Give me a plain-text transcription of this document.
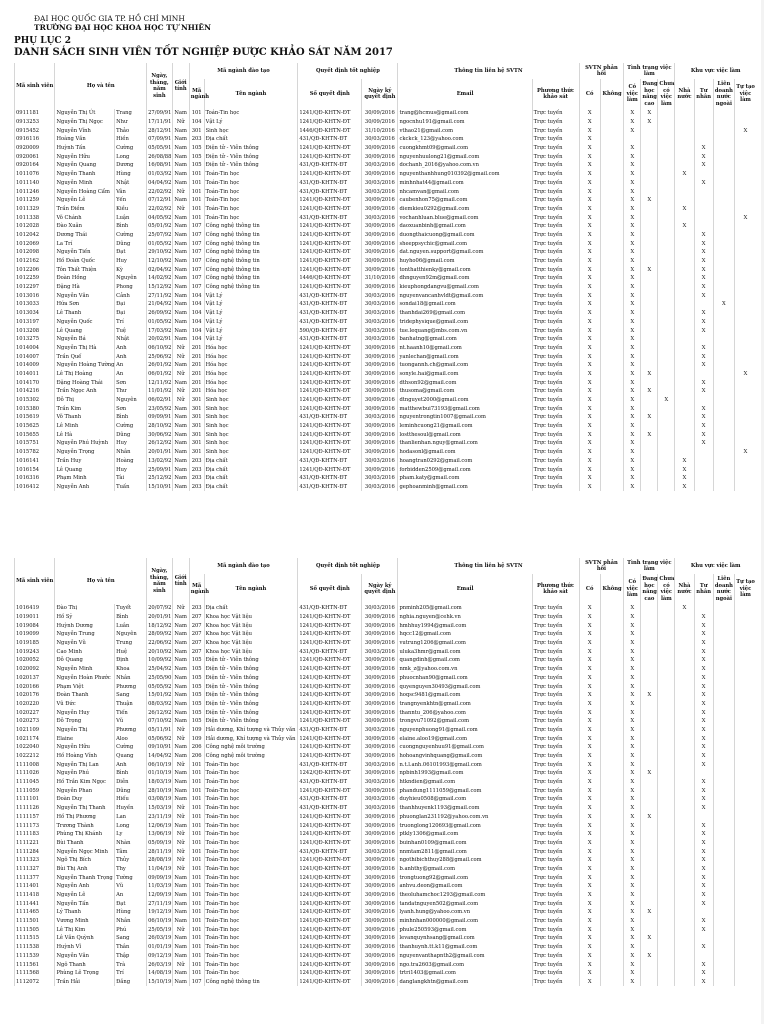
ĐẠI HỌC QUỐC GIA TP. HỒ CHÍ MINH
TRƯỜNG ĐẠI HỌC KHOA HỌC TỰ NHIÊN
PHỤ LỤC 2
DANH SÁCH SINH VIÊN TỐT NGHIỆP ĐƯỢC KHẢO SÁT NĂM 2017
Mã sinh viên	Họ và tên		Ngày, tháng, năm sinh	Giới tính	Mã ngành đào tạo		Quyết định tốt nghiệp		Thông tin liên hệ SVTN		SVTN phản hồi		Tình trạng việc làm			Khu vực việc làm			
					Mã ngành	Tên ngành	Số quyết định	Ngày ký quyết định	Email	Phương thức khảo sát	Có	Không	Có việc làm	Đang học nâng cao	Chưa có việc làm	Nhà nước	Tư nhân	Liên doanh nước ngoài	Tự tạo việc làm
0911181	Nguyễn Thị Út	Trang	27/09/91	Nam	101	Toán-Tin học	1241/QĐ-KHTN-ĐT	30/09/2016	trang@hcmus@gmail.com	Trực tuyến	X		X	X					
0913253	Nguyễn Thị Ngọc	Như	17/11/91	Nữ	104	Vật Lý	1241/QĐ-KHTN-ĐT	30/09/2016	ngocnhu191@gmail.com	Trực tuyến	X		X	X					
0915452	Nguyễn Vĩnh	Thảo	28/12/91	Nam	301	Sinh học	1446/QĐ-KHTN-ĐT	31/10/2016	vthao21@gmail.com	Trực tuyến	X		X						X
0916116	Hoàng Văn	Hiền	07/09/91	Nam	203	Địa chất	431/QĐ-KHTN-ĐT	30/03/2016	ckckck_123@yahoo.com	Trực tuyến	X								
0920009	Huỳnh Tấn	Cường	05/05/91	Nam	105	Điện tử - Viễn thông	1241/QĐ-KHTN-ĐT	30/09/2016	cuongkhmt09@gmail.com	Trực tuyến	X		X				X		
0920061	Nguyễn Hữu	Long	26/08/88	Nam	105	Điện tử - Viễn thông	1241/QĐ-KHTN-ĐT	30/09/2016	nguyenhuulong21@gmail.com	Trực tuyến	X		X				X		
0920164	Nguyễn Quang	Dương	16/08/91	Nam	105	Điện tử - Viễn thông	431/QĐ-KHTN-ĐT	30/03/2016	dochanh_2016@yahoo.com.vn	Trực tuyến	X		X				X		
1011076	Nguyễn Thanh	Hùng	01/03/92	Nam	101	Toán-Tin học	1241/QĐ-KHTN-ĐT	30/09/2016	nguyenthanhhung010392@gmail.com	Trực tuyến	X		X			X			
1011140	Nguyễn Minh	Nhật	04/04/92	Nam	101	Toán-Tin học	431/QĐ-KHTN-ĐT	30/03/2016	minhnhat44@gmail.com	Trực tuyến	X		X				X		
1011246	Nguyễn Hoàng Cẩm	Vân	22/02/92	Nữ	101	Toán-Tin học	431/QĐ-KHTN-ĐT	30/03/2016	nhcamvan@gmail.com	Trực tuyến	X		X						
1011259	Nguyễn Lê	Yến	07/12/91	Nam	101	Toán-Tin học	1241/QĐ-KHTN-ĐT	30/09/2016	caubenhon75@gmail.com	Trực tuyến	X		X	X					
1011329	Trần Điềm	Kiều	22/02/92	Nữ	101	Toán-Tin học	1241/QĐ-KHTN-ĐT	30/09/2016	diemkieu0292@gmail.com	Trực tuyến	X		X			X			
1011338	Võ Chánh	Luận	04/05/92	Nam	101	Toán-Tin học	431/QĐ-KHTN-ĐT	30/03/2016	vochanhluan.blue@gmail.com	Trực tuyến	X		X						X
1012028	Đào Xuân	Bình	05/01/92	Nam	107	Công nghệ thông tin	1241/QĐ-KHTN-ĐT	30/09/2016	daoxuanbinh@gmail.com	Trực tuyến	X		X			X			
1012042	Dương Thái	Cường	25/07/92	Nam	107	Công nghệ thông tin	1241/QĐ-KHTN-ĐT	30/09/2016	duongthaicuong@gmail.com	Trực tuyến	X		X				X		
1012069	La Trí	Dũng	01/05/92	Nam	107	Công nghệ thông tin	1241/QĐ-KHTN-ĐT	30/09/2016	sheeppsychic@gmail.com	Trực tuyến	X		X				X		
1012098	Nguyễn Tiến	Đạt	29/10/92	Nam	107	Công nghệ thông tin	1241/QĐ-KHTN-ĐT	30/09/2016	dat.nguyen.support@gmail.com	Trực tuyến	X		X				X		
1012162	Hồ Đoàn Quốc	Huy	12/10/92	Nam	107	Công nghệ thông tin	1241/QĐ-KHTN-ĐT	30/09/2016	huyho06@gmail.com	Trực tuyến	X		X				X		
1012206	Tôn Thất Thiện	Kỳ	02/04/92	Nam	107	Công nghệ thông tin	1241/QĐ-KHTN-ĐT	30/09/2016	tonthatthienky@gmail.com	Trực tuyến	X		X	X			X		
1012259	Đoàn Hồng	Nguyên	14/02/92	Nam	107	Công nghệ thông tin	1446/QĐ-KHTN-ĐT	31/10/2016	dhnguyen92m@gmail.com	Trực tuyến	X		X				X		
1012297	Đặng Hà	Phong	15/12/92	Nam	107	Công nghệ thông tin	1241/QĐ-KHTN-ĐT	30/09/2016	kieuphongdangvu@gmail.com	Trực tuyến	X		X				X		
1013016	Nguyễn Văn	Cảnh	27/11/92	Nam	104	Vật Lý	431/QĐ-KHTN-ĐT	30/03/2016	nguyenvancanhvldt@gmail.com	Trực tuyến	X		X				X		
1013033	Hứa Sơn	Đại	21/04/92	Nam	104	Vật Lý	431/QĐ-KHTN-ĐT	30/03/2016	sondai18@gmail.com	Trực tuyến	X		X					X	
1013034	Lê Thanh	Đại	26/09/92	Nam	104	Vật Lý	431/QĐ-KHTN-ĐT	30/03/2016	thanhdai269@gmail.com	Trực tuyến	X		X				X		
1013197	Nguyễn Quốc	Trí	01/05/92	Nam	104	Vật Lý	431/QĐ-KHTN-ĐT	30/03/2016	tridephysique@gmail.com	Trực tuyến	X		X				X		
1013208	Lê Quang	Tuệ	17/03/92	Nam	104	Vật Lý	590/QĐ-KHTN-ĐT	30/03/2016	tue.lequang@mbs.com.vn	Trực tuyến	X		X				X		
1013275	Nguyễn Bá	Nhật	20/02/91	Nam	104	Vật Lý	431/QĐ-KHTN-ĐT	30/03/2016	banhatng@gmail.com	Trực tuyến	X		X						
1014004	Nguyễn Thị Hà	Anh	06/10/92	Nữ	201	Hóa học	1241/QĐ-KHTN-ĐT	30/09/2016	nt.haanh10@gmail.com	Trực tuyến	X		X				X		
1014007	Trần Quế	Anh	25/06/92	Nữ	201	Hóa học	1241/QĐ-KHTN-ĐT	30/09/2016	yanlechan@gmail.com	Trực tuyến	X		X				X		
1014009	Nguyễn Hoàng Tường	An	26/01/92	Nam	201	Hóa học	1241/QĐ-KHTN-ĐT	30/09/2016	tuongannh.ch@gmail.com	Trực tuyến	X		X				X		
1014011	Lê Thị Hoàng	An	06/01/92	Nữ	201	Hóa học	1241/QĐ-KHTN-ĐT	30/09/2016	sonyle.hai@gmail.com	Trực tuyến	X		X	X					X
1014170	Đặng Hoàng Thái	Sơn	12/11/92	Nam	201	Hóa học	1241/QĐ-KHTN-ĐT	30/09/2016	dthson92@gmail.com	Trực tuyến	X		X				X		
1014216	Trần Ngọc Anh	Thư	11/01/92	Nữ	201	Hóa học	1241/QĐ-KHTN-ĐT	30/09/2016	thusoma@gmail.com	Trực tuyến	X		X	X			X		
1015302	Đỗ Thị	Nguyên	06/02/91	Nữ	301	Sinh học	1241/QĐ-KHTN-ĐT	30/09/2016	dtnguyet2000@gmail.com	Trực tuyến	X		X		X				
1015380	Trần Kim	Sơn	23/05/92	Nam	301	Sinh học	1241/QĐ-KHTN-ĐT	30/09/2016	matthewbui73193@gmail.com	Trực tuyến	X		X				X		
1015619	Võ Thanh	Bình	09/09/91	Nam	301	Sinh học	431/QĐ-KHTN-ĐT	30/03/2016	nguyentrongtin1007@gmail.com	Trực tuyến	X		X	X			X		
1015625	Lê Minh	Cường	28/10/92	Nam	301	Sinh học	1241/QĐ-KHTN-ĐT	30/09/2016	leminhcuong21@gmail.com	Trực tuyến	X		X				X		
1015655	Lê Hà	Dũng	30/06/92	Nam	301	Sinh học	1241/QĐ-KHTN-ĐT	30/09/2016	lostthesoul@gmail.com	Trực tuyến	X		X	X			X		
1015751	Nguyễn Phú Huỳnh	Huy	26/12/92	Nam	301	Sinh học	1241/QĐ-KHTN-ĐT	30/09/2016	thanlienhan.nguy@gmail.com	Trực tuyến	X		X				X		
1015782	Nguyễn Trọng	Nhân	20/01/91	Nam	301	Sinh học	1241/QĐ-KHTN-ĐT	30/09/2016	hodasonl@gmail.com	Trực tuyến	X		X						X
1016141	Trần Huy	Hoàng	13/02/92	Nam	203	Địa chất	431/QĐ-KHTN-ĐT	30/03/2016	hoangtran0292@gmail.com	Trực tuyến	X		X			X			
1016154	Lê Quang	Huy	25/09/91	Nam	203	Địa chất	1241/QĐ-KHTN-ĐT	30/09/2016	forbidden2509@gmail.com	Trực tuyến	X		X			X			
1016316	Phạm Minh	Tài	25/12/92	Nam	203	Địa chất	431/QĐ-KHTN-ĐT	30/03/2016	pham.katy@gmail.com	Trực tuyến	X		X			X			
1016412	Nguyễn Anh	Tuấn	15/10/91	Nam	203	Địa chất	431/QĐ-KHTN-ĐT	30/03/2016	gephoanminh@gmail.com	Trực tuyến	X		X			X			
Mã sinh viên	Họ và tên		Ngày, tháng, năm sinh	Giới tính	Mã ngành đào tạo		Quyết định tốt nghiệp		Thông tin liên hệ SVTN		SVTN phản hồi		Tình trạng việc làm			Khu vực việc làm			
					Mã ngành	Tên ngành	Số quyết định	Ngày ký quyết định	Email	Phương thức khảo sát	Có	Không	Có việc làm	Đang học nâng cao	Chưa có việc làm	Nhà nước	Tư nhân	Liên doanh nước ngoài	Tự tạo việc làm
1016419	Đào Thị	Tuyết	20/07/92	Nữ	203	Địa chất	431/QĐ-KHTN-ĐT	30/03/2016	pnminh205@gmail.com	Trực tuyến	X		X			X			
1019011	Hồ Sỹ	Bình	20/01/91	Nam	207	Khoa học Vật liệu	1241/QĐ-KHTN-ĐT	30/09/2016	nghia.nguyen@cehk.vn	Trực tuyến	X		X				X		
1019084	Huỳnh Dương	Luân	18/12/92	Nam	207	Khoa học Vật liệu	1241/QĐ-KHTN-ĐT	30/09/2016	hmhhuy1994@gmail.com	Trực tuyến	X		X				X		
1019099	Nguyễn Trung	Nguyên	28/09/92	Nam	207	Khoa học Vật liệu	1241/QĐ-KHTN-ĐT	30/09/2016	hqcc12@gmail.com	Trực tuyến	X		X				X		
1019185	Nguyễn Vũ	Trung	22/06/92	Nam	207	Khoa học Vật liệu	1241/QĐ-KHTN-ĐT	30/09/2016	vutrung1206@gmail.com	Trực tuyến	X		X				X		
1019243	Cao Minh	Huệ	20/10/92	Nam	207	Khoa học Vật liệu	431/QĐ-KHTN-ĐT	30/03/2016	uluka3hmr@gmail.com	Trực tuyến	X		X				X		
1020052	Đỗ Quang	Định	10/09/92	Nam	105	Điện tử - Viễn thông	1241/QĐ-KHTN-ĐT	30/09/2016	quangdinh@gmail.com	Trực tuyến	X		X				X		
1020092	Nguyễn Minh	Khoa	25/04/92	Nam	105	Điện tử - Viễn thông	1241/QĐ-KHTN-ĐT	30/09/2016	nmk_z@yahoo.com.vn	Trực tuyến	X		X				X		
1020137	Nguyễn Hoàn Phước	Nhân	25/05/90	Nam	105	Điện tử - Viễn thông	1241/QĐ-KHTN-ĐT	30/09/2016	phuocnhan90@gmail.com	Trực tuyến	X		X				X		
1020166	Phạm Việt	Phương	05/05/92	Nam	105	Điện tử - Viễn thông	1241/QĐ-KHTN-ĐT	30/09/2016	quyenguyen30493@gmail.com	Trực tuyến	X		X				X		
1020176	Đoàn Thanh	Sang	15/01/92	Nam	105	Điện tử - Viễn thông	1241/QĐ-KHTN-ĐT	30/09/2016	hoqsc9481@gmail.com	Trực tuyến	X		X	X			X		
1020220	Vũ Đức	Thuận	08/03/92	Nam	105	Điện tử - Viễn thông	1241/QĐ-KHTN-ĐT	30/09/2016	trangnyenkhtn@gmail.com	Trực tuyến	X		X				X		
1020227	Nguyễn Huy	Tiến	26/12/92	Nam	105	Điện tử - Viễn thông	1241/QĐ-KHTN-ĐT	30/09/2016	thanntu_206@yahoo.com	Trực tuyến	X		X				X		
1020273	Đỗ Trọng	Vũ	07/10/92	Nam	105	Điện tử - Viễn thông	1241/QĐ-KHTN-ĐT	30/09/2016	trongvu71092@gmail.com	Trực tuyến	X		X				X		
1021109	Nguyễn Thị	Phương	05/11/91	Nữ	109	Hải dương, Khí tượng và Thủy văn	431/QĐ-KHTN-ĐT	30/03/2016	nguyenphuong91@gmail.com	Trực tuyến	X		X				X		
1021174	Elaine	Aloo	05/06/92	Nữ	109	Hải dương, Khí tượng và Thủy văn	1241/QĐ-KHTN-ĐT	30/09/2016	elaine.aloo19@gmail.com	Trực tuyến	X		X				X		
1022040	Nguyễn Hữu	Cường	09/10/91	Nam	206	Công nghệ môi trường	1241/QĐ-KHTN-ĐT	30/09/2016	cuongnguyenhuu91@gmail.com	Trực tuyến	X		X				X		
1022212	Hồ Hoàng Vĩnh	Quang	14/04/92	Nam	206	Công nghệ môi trường	1241/QĐ-KHTN-ĐT	30/09/2016	hohoangvinhquang@gmail.com	Trực tuyến	X		X				X		
1111008	Nguyễn Thị Lan	Anh	06/10/19	Nữ	101	Toán-Tin học	431/QĐ-KHTN-ĐT	30/03/2016	n.t.l.anh.06101993@gmail.com	Trực tuyến	X		X				X		
1111026	Nguyễn Phú	Bình	01/10/19	Nam	101	Toán-Tin học	1242/QĐ-KHTN-ĐT	30/09/2016	npbinh1993@gmail.com	Trực tuyến	X		X	X					
1111045	Hồ Trần Kim Ngọc	Diễn	18/03/19	Nam	101	Toán-Tin học	431/QĐ-KHTN-ĐT	30/03/2016	htkndien@gmail.com	Trực tuyến	X		X				X		
1111059	Nguyễn Phan	Dũng	28/10/19	Nam	101	Toán-Tin học	1241/QĐ-KHTN-ĐT	30/09/2016	phandung1111059@gmail.com	Trực tuyến	X		X				X		
1111101	Đoàn Duy	Hiếu	03/08/19	Nam	101	Toán-Tin học	431/QĐ-KHTN-ĐT	30/03/2016	duyhieu0508@gmail.com	Trực tuyến	X		X				X		
1111126	Nguyễn Thị Thanh	Huyền	15/03/19	Nữ	101	Toán-Tin học	431/QĐ-KHTN-ĐT	30/03/2016	thanhhuyenk1193@gmail.com	Trực tuyến	X		X				X		
1111157	Hồ Thị Phương	Lan	23/11/19	Nữ	101	Toán-Tin học	1241/QĐ-KHTN-ĐT	30/09/2016	phuonglan231192@yahoo.com.vn	Trực tuyến	X		X	X					
1111173	Trương Thành	Long	12/06/19	Nam	101	Toán-Tin học	1241/QĐ-KHTN-ĐT	30/09/2016	truonglong120693@gmail.com	Trực tuyến	X		X				X		
1111183	Phùng Thị Khánh	Ly	13/06/19	Nữ	101	Toán-Tin học	1241/QĐ-KHTN-ĐT	30/09/2016	ptkly1306@gmail.com	Trực tuyến	X		X				X		
1111221	Bùi Thanh	Nhàn	05/09/19	Nữ	101	Toán-Tin học	1241/QĐ-KHTN-ĐT	30/09/2016	buinhan0109@gmail.com	Trực tuyến	X		X				X		
1111284	Nguyễn Ngọc Minh	Tâm	28/11/19	Nữ	101	Toán-Tin học	431/QĐ-KHTN-ĐT	30/03/2016	nnmtam2811@gmail.com	Trực tuyến	X		X				X		
1111323	Ngô Thị Bích	Thủy	28/08/19	Nữ	101	Toán-Tin học	1241/QĐ-KHTN-ĐT	30/09/2016	ngothibichthuy288@gmail.com	Trực tuyến	X		X				X		
1111327	Bùi Thị Anh	Thy	11/04/19	Nữ	101	Toán-Tin học	1241/QĐ-KHTN-ĐT	30/09/2016	b.anhthy@gmail.com	Trực tuyến	X		X				X		
1111377	Nguyễn Thanh Trọng	Tường	09/09/19	Nam	101	Toán-Tin học	1241/QĐ-KHTN-ĐT	30/09/2016	trongtuong92@gmail.com	Trực tuyến	X		X				X		
1111401	Nguyễn Anh	Vũ	11/03/19	Nam	101	Toán-Tin học	1241/QĐ-KHTN-ĐT	30/09/2016	anhvu.deon@gmail.com	Trực tuyến	X		X				X		
1111418	Nguyễn Lê	An	12/09/19	Nam	101	Toán-Tin học	1241/QĐ-KHTN-ĐT	30/09/2016	theoluhamchoc1293@gmail.com	Trực tuyến	X		X				X		
1111441	Nguyễn Tấn	Đạt	27/11/19	Nam	101	Toán-Tin học	1241/QĐ-KHTN-ĐT	30/09/2016	tandatnguyen502@gmail.com	Trực tuyến	X		X				X		
1111465	Lý Thanh	Hùng	19/12/19	Nam	101	Toán-Tin học	1241/QĐ-KHTN-ĐT	30/09/2016	lyanh.hung@yahoo.com.vn	Trực tuyến	X		X	X					
1111501	Vương Minh	Nhân	06/10/19	Nam	101	Toán-Tin học	1241/QĐ-KHTN-ĐT	30/09/2016	minhnhan000000@gmail.com	Trực tuyến	X		X				X		
1111505	Lê Thị Kim	Phú	25/05/19	Nữ	101	Toán-Tin học	1241/QĐ-KHTN-ĐT	30/09/2016	phule250593@gmail.com	Trực tuyến	X		X				X		
1111515	Lê Văn Quỳnh	Sang	26/03/19	Nam	101	Toán-Tin học	1241/QĐ-KHTN-ĐT	30/09/2016	levanquynhsang@gmail.com	Trực tuyến	X		X	X					
1111538	Huỳnh Vĩ	Thân	01/01/19	Nam	101	Toán-Tin học	1241/QĐ-KHTN-ĐT	30/09/2016	thanhuynh.tt.k11@gmail.com	Trực tuyến	X		X				X		
1111539	Nguyễn Văn	Thập	09/12/19	Nam	101	Toán-Tin học	1241/QĐ-KHTN-ĐT	30/09/2016	nguyenvanthapnth2@gmail.com	Trực tuyến	X		X	X					
1111561	Ngô Thanh	Trà	26/03/19	Nữ	101	Toán-Tin học	1241/QĐ-KHTN-ĐT	30/09/2016	ngo.tra2603@gmail.com	Trực tuyến	X		X				X		
1111568	Phùng Lê Trọng	Trí	14/08/19	Nam	101	Toán-Tin học	1241/QĐ-KHTN-ĐT	30/09/2016	trtri1403@gmail.com	Trực tuyến	X		X				X		
1112072	Trần Hải	Đăng	15/10/19	Nam	107	Công nghệ thông tin	1241/QĐ-KHTN-ĐT	30/09/2016	danglangkhtn@gmail.com	Trực tuyến	X		X				X		
